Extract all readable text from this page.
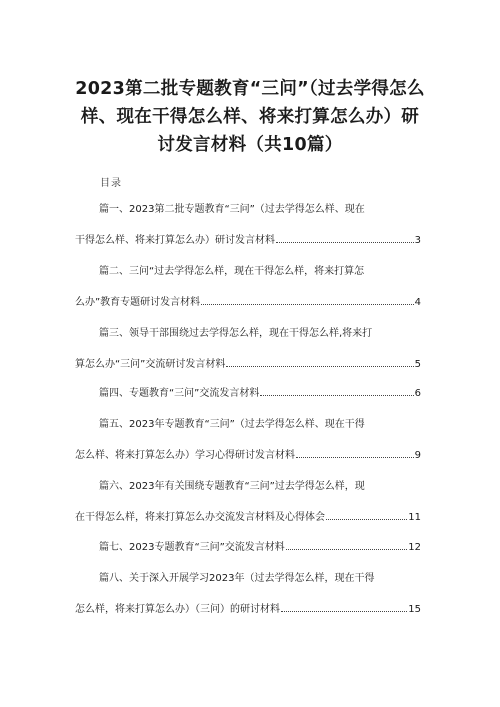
2023第二批专题教育“三问”（过去学得怎么
样、现在干得怎么样、将来打算怎么办）研
讨发言材料（共10篇）
目录
篇一、2023第二批专题教育“三问”（过去学得怎么样、现在
干得怎么样、将来打算怎么办）研讨发言材料	3
篇二、三问“过去学得怎么样，现在干得怎么样，将来打算怎
么办”教育专题研讨发言材料	4
篇三、领导干部围绕过去学得怎么样，现在干得怎么样,将来打
算怎么办“三问”交流研讨发言材料	5
篇四、专题教育“三问”交流发言材料	6
篇五、2023年专题教育“三问”（过去学得怎么样、现在干得
怎么样、将来打算怎么办）学习心得研讨发言材料	9
篇六、2023年有关围绕专题教育“三问”过去学得怎么样，现
在干得怎么样，将来打算怎么办交流发言材料及心得体会	11
篇七、2023专题教育“三问”交流发言材料	12
篇八、关于深入开展学习2023年（过去学得怎么样，现在干得
怎么样，将来打算怎么办）（三问）的研讨材料	15
